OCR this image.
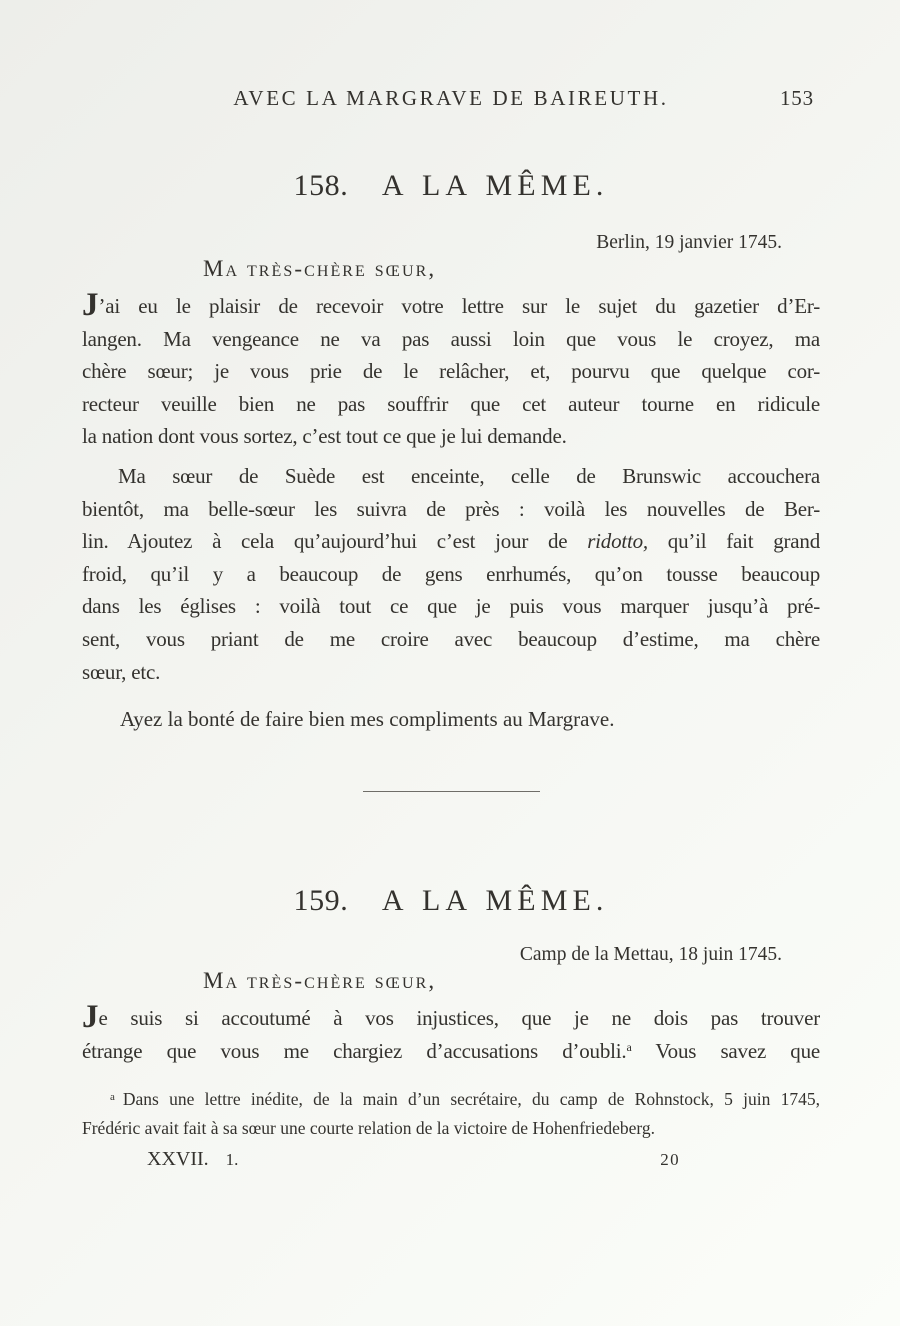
AVEC LA MARGRAVE DE BAIREUTH.	153
158. A LA MÊME.
Berlin, 19 janvier 1745.
Ma très-chère sœur,
J’ai eu le plaisir de recevoir votre lettre sur le sujet du gazetier d’Er-
langen. Ma vengeance ne va pas aussi loin que vous le croyez, ma
chère sœur; je vous prie de le relâcher, et, pourvu que quelque cor-
recteur veuille bien ne pas souffrir que cet auteur tourne en ridicule
la nation dont vous sortez, c’est tout ce que je lui demande.
Ma sœur de Suède est enceinte, celle de Brunswic accouchera
bientôt, ma belle-sœur les suivra de près : voilà les nouvelles de Ber-
lin. Ajoutez à cela qu’aujourd’hui c’est jour de ridotto, qu’il fait grand
froid, qu’il y a beaucoup de gens enrhumés, qu’on tousse beaucoup
dans les églises : voilà tout ce que je puis vous marquer jusqu’à pré-
sent, vous priant de me croire avec beaucoup d’estime, ma chère
sœur, etc.
Ayez la bonté de faire bien mes compliments au Margrave.
159. A LA MÊME.
Camp de la Mettau, 18 juin 1745.
Ma très-chère sœur,
Je suis si accoutumé à vos injustices, que je ne dois pas trouver
étrange que vous me chargiez d’accusations d’oubli.$^a$ Vous savez que
$^a$ Dans une lettre inédite, de la main d’un secrétaire, du camp de Rohnstock, 5 juin 1745,
Frédéric avait fait à sa sœur une courte relation de la victoire de Hohenfriedeberg.
XXVII. 1.	20
